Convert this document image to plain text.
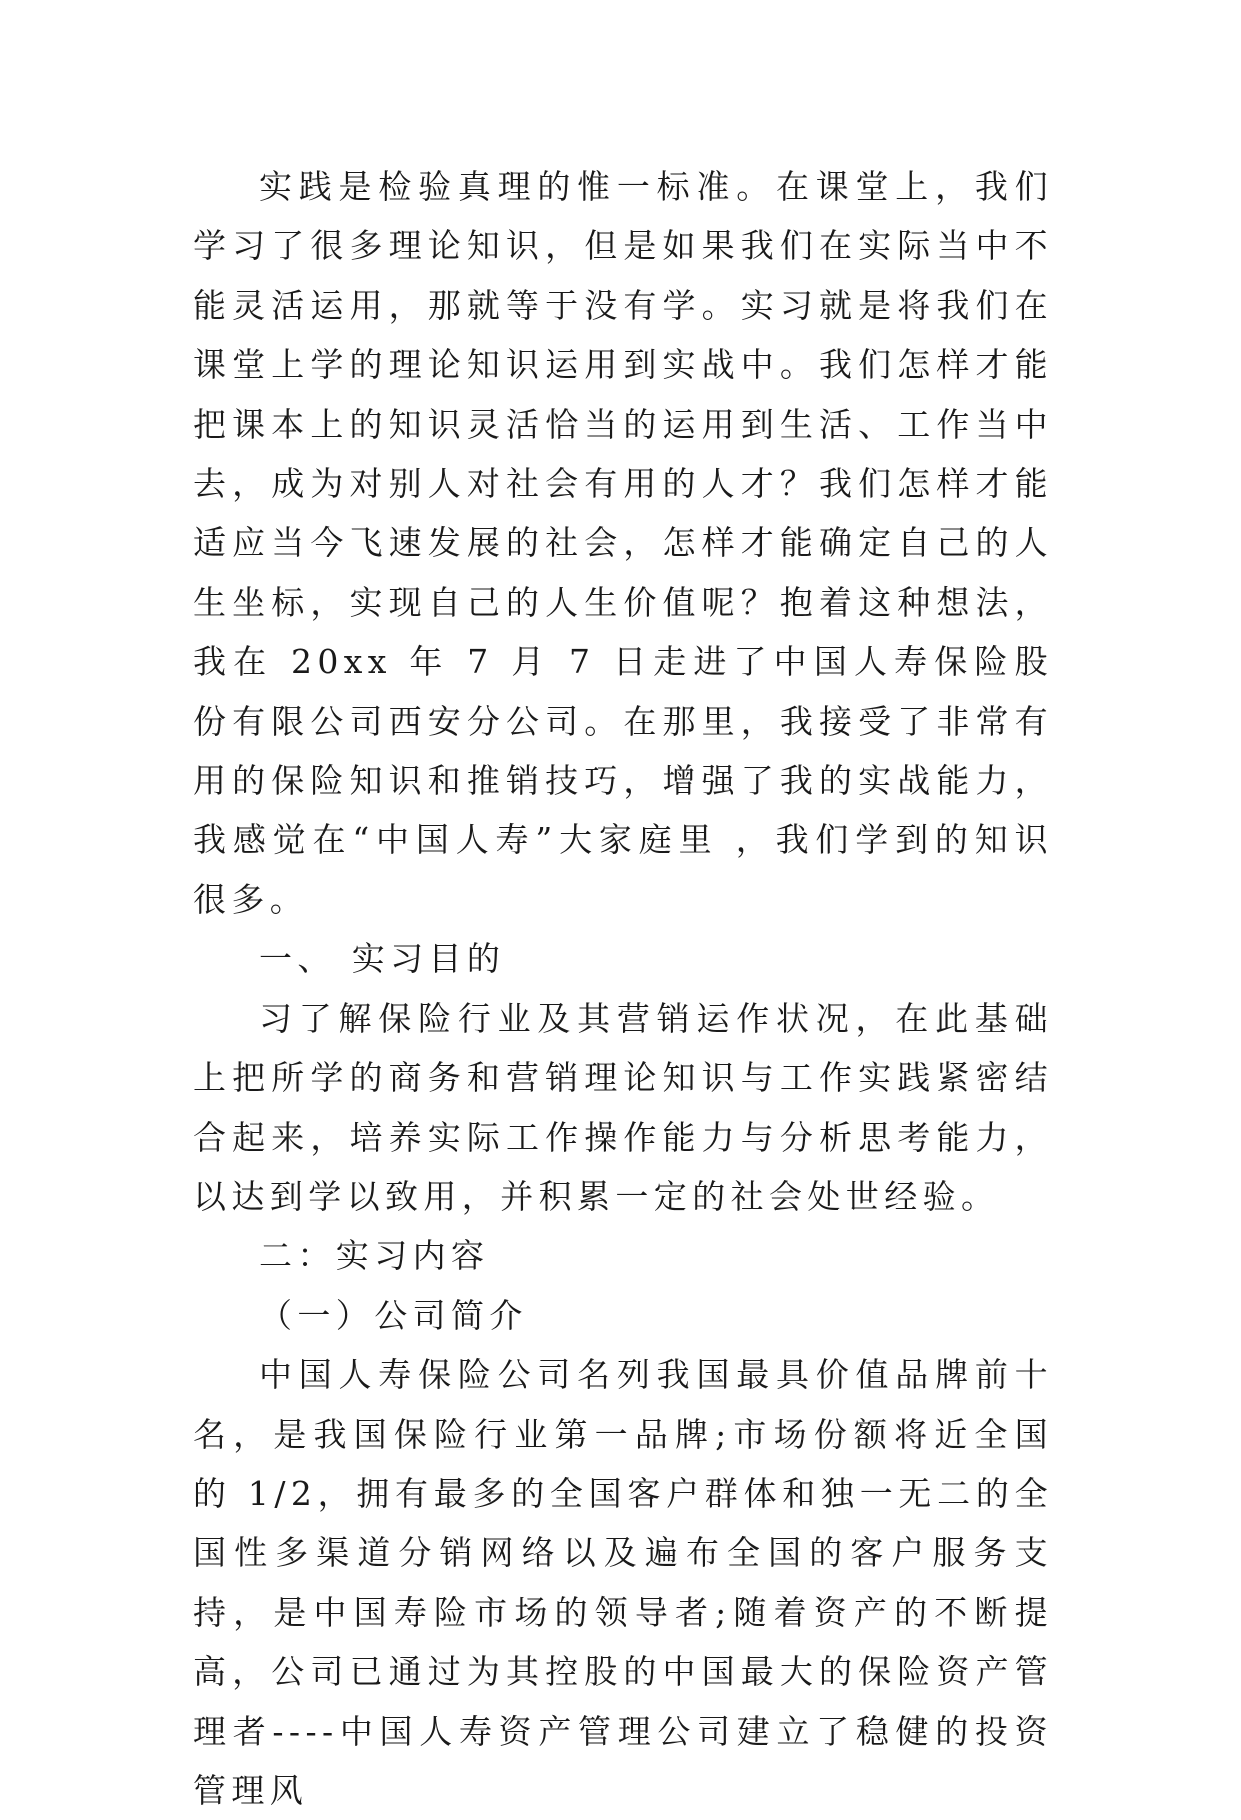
实践是检验真理的惟一标准。在课堂上，我们学习了很多理论知识，但是如果我们在实际当中不能灵活运用，那就等于没有学。实习就是将我们在课堂上学的理论知识运用到实战中。我们怎样才能把课本上的知识灵活恰当的运用到生活、工作当中去，成为对别人对社会有用的人才？我们怎样才能适应当今飞速发展的社会，怎样才能确定自己的人生坐标，实现自己的人生价值呢？抱着这种想法，我在 20xx 年 7 月 7 日走进了中国人寿保险股份有限公司西安分公司。在那里，我接受了非常有用的保险知识和推销技巧，增强了我的实战能力，我感觉在“中国人寿”大家庭里 ，我们学到的知识很多。

一、 实习目的

习了解保险行业及其营销运作状况，在此基础上把所学的商务和营销理论知识与工作实践紧密结合起来，培养实际工作操作能力与分析思考能力，以达到学以致用，并积累一定的社会处世经验。

二：实习内容

（一）公司简介

中国人寿保险公司名列我国最具价值品牌前十名，是我国保险行业第一品牌;市场份额将近全国的 1/2，拥有最多的全国客户群体和独一无二的全国性多渠道分销网络以及遍布全国的客户服务支持，是中国寿险市场的领导者;随着资产的不断提高，公司已通过为其控股的中国最大的保险资产管理者----中国人寿资产管理公司建立了稳健的投资管理风
